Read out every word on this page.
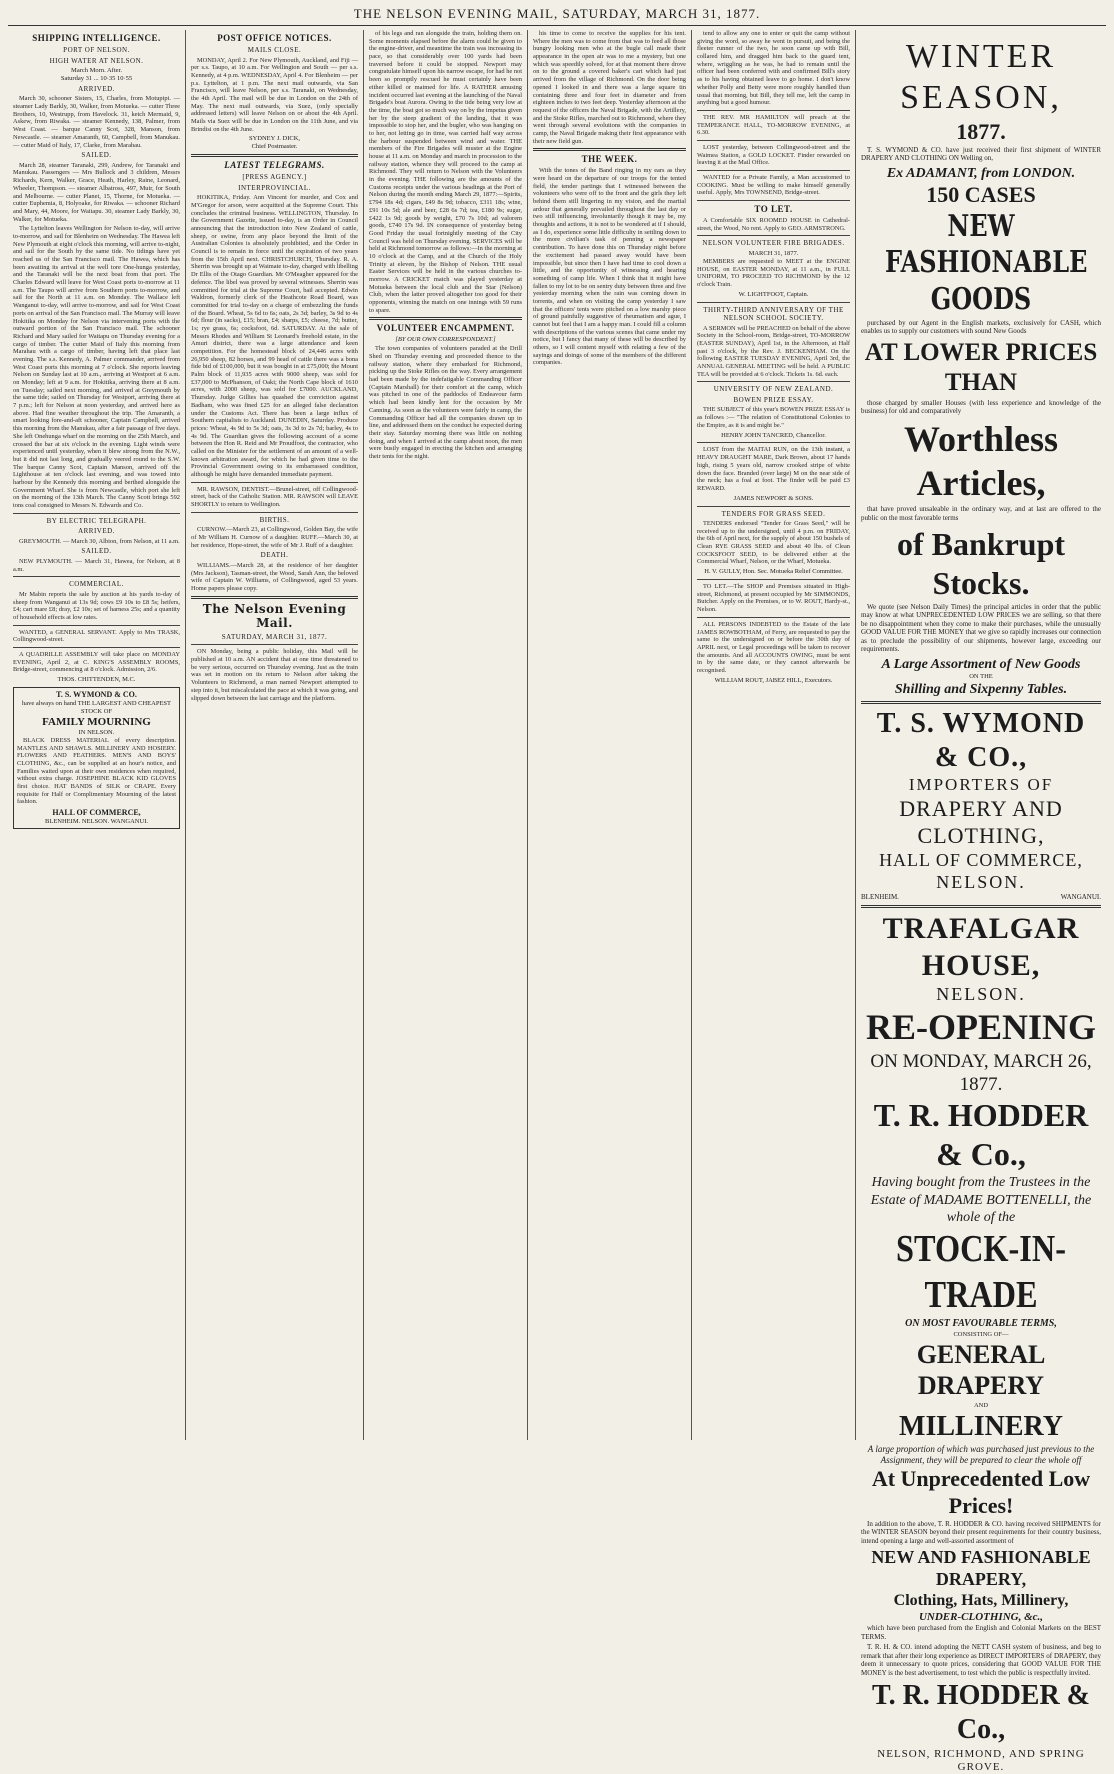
THE NELSON EVENING MAIL, SATURDAY, MARCH 31, 1877.
SHIPPING INTELLIGENCE.
PORT OF NELSON.
HIGH WATER AT NELSON.
March Morn. After.
Saturday 31 ... 10·35 10·55
ARRIVED.

March 30, schooner Sisters, 15, Charles, from Motupipi. — steamer Lady Barkly, 30, Walker, from Motueka. — cutter Three Brothers, 10, Westrupp, from Havelock. 31, ketch Mermaid, 9, Askew, from Riwaka. — steamer Kennedy, 138, Palmer, from West Coast. — barque Canny Scot, 328, Manson, from Newcastle. — steamer Amaranth, 60, Campbell, from Manukau. — cutter Maid of Italy, 17, Clarke, from Marahau.

SAILED.

March 28, steamer Taranaki, 299, Andrew, for Taranaki and Manukau. Passengers — Mrs Bullock and 3 children, Messrs Richards, Kern, Walker, Grace, Heath, Harley, Raine, Leonard, Wheeler, Thompson. — steamer Albatross, 497, Muir, for South and Melbourne. — cutter Planet, 15, Thorne, for Motueka. — cutter Euphemia, 8, Holyoake, for Riwaka. — schooner Richard and Mary, 44, Moore, for Waitapu. 30, steamer Lady Barkly, 30, Walker, for Motueka.

The Lyttelton leaves Wellington for Nelson to-day, will arrive to-morrow, and sail for Blenheim on Wednesday. The Hawea left New Plymouth at eight o'clock this morning, will arrive to-night, and sail for the South by the same tide. No tidings have yet reached us of the San Francisco mail. The Hawea, which has been awaiting its arrival at the well tore One-hunga yesterday, and the Taranaki will be the next boat from that port. The Charles Edward will leave for West Coast ports to-morrow at 11 a.m. The Taupo will arrive from Southern ports to-morrow, and sail for the North at 11 a.m. on Monday. The Wallace left Wanganui to-day, will arrive to-morrow, and sail for West Coast ports on arrival of the San Francisco mail. The Murray will leave Hokitika on Monday for Nelson via intervening ports with the outward portion of the San Francisco mail. The schooner Richard and Mary sailed for Waitapu on Thursday evening for a cargo of timber. The cutter Maid of Italy this morning from Marahau with a cargo of timber, having left that place last evening. The s.s. Kennedy, A. Palmer commander, arrived from West Coast ports this morning at 7 o'clock. She reports leaving Nelson on Sunday last at 10 a.m., arriving at Westport at 6 a.m. on Monday; left at 9 a.m. for Hokitika, arriving there at 8 a.m. on Tuesday; sailed next morning, and arrived at Greymouth by the same tide; sailed on Thursday for Westport, arriving there at 7 p.m.; left for Nelson at noon yesterday, and arrived here as above. Had fine weather throughout the trip. The Amaranth, a smart looking fore-and-aft schooner, Captain Campbell, arrived this morning from the Manukau, after a fair passage of five days. She left Onehunga wharf on the morning on the 25th March, and crossed the bar at six o'clock in the evening. Light winds were experienced until yesterday, when it blew strong from the N.W., but it did not last long, and gradually veered round to the S.W. The barque Canny Scot, Captain Manson, arrived off the Lighthouse at ten o'clock last evening, and was towed into harbour by the Kennedy this morning and berthed alongside the Government Wharf. She is from Newcastle, which port she left on the morning of the 13th March. The Canny Scott brings 592 tons coal consigned to Messrs N. Edwards and Co.

BY ELECTRIC TELEGRAPH.
ARRIVED.

GREYMOUTH. — March 30, Albion, from Nelson, at 11 a.m.

SAILED.

NEW PLYMOUTH. — March 31, Hawea, for Nelson, at 8 a.m.

COMMERCIAL.

Mr Mabin reports the sale by auction at his yards to-day of sheep from Wanganui at 13s 9d; cows £9 10s to £8 5s; heifers, £4; cart mare £8; dray, £2 10s; set of harness 25s; and a quantity of household effects at low rates.

WANTED, a GENERAL SERVANT. Apply to Mrs TRASK, Collingwood-street.

A QUADRILLE ASSEMBLY will take place on MONDAY EVENING, April 2, at C. KING'S ASSEMBLY ROOMS, Bridge-street, commencing at 8 o'clock. Admission, 2/6.

THOS. CHITTENDEN, M.C.
T. S. WYMOND & CO.
have always on hand THE LARGEST AND CHEAPEST STOCK OF
FAMILY MOURNING
IN NELSON.

BLACK DRESS MATERIAL of every description. MANTLES AND SHAWLS. MILLINERY AND HOSIERY. FLOWERS AND FEATHERS. MEN'S AND BOYS' CLOTHING, &c., can be supplied at an hour's notice, and Families waited upon at their own residences when required, without extra charge. JOSEPHINE BLACK KID GLOVES first choice. HAT BANDS of SILK or CRAPE. Every requisite for Half or Complimentary Mourning of the latest fashion.

HALL OF COMMERCE,
BLENHEIM. NELSON. WANGANUI.
POST OFFICE NOTICES.
MAILS CLOSE.

MONDAY, April 2. For New Plymouth, Auckland, and Fiji — per s.s. Taupo, at 10 a.m. For Wellington and South — per s.s. Kennedy, at 4 p.m. WEDNESDAY, April 4. For Blenheim — per p.s. Lyttelton, at 1 p.m. The next mail outwards, via San Francisco, will leave Nelson, per s.s. Taranaki, on Wednesday, the 4th April. The mail will be due in London on the 24th of May. The next mail outwards, via Suez, (only specially addressed letters) will leave Nelson on or about the 4th April. Mails via Suez will be due in London on the 11th June, and via Brindisi on the 4th June.

SYDNEY J. DICK,
Chief Postmaster.
LATEST TELEGRAMS.
[PRESS AGENCY.]
INTERPROVINCIAL.

HOKITIKA, Friday. Ann Vincent for murder, and Cox and M'Gregor for arson, were acquitted at the Supreme Court. This concludes the criminal business. WELLINGTON, Thursday. In the Government Gazette, issued to-day, is an Order in Council announcing that the introduction into New Zealand of cattle, sheep, or swine, from any place beyond the limit of the Australian Colonies is absolutely prohibited, and the Order in Council is to remain in force until the expiration of two years from the 15th April next. CHRISTCHURCH, Thursday. R. A. Sherrin was brought up at Waimate to-day, charged with libelling Dr Ellis of the Otago Guardian. Mr O'Meagher appeared for the defence. The libel was proved by several witnesses. Sherrin was committed for trial at the Supreme Court, bail accepted. Edwin Waldron, formerly clerk of the Heathcote Road Board, was committed for trial to-day on a charge of embezzling the funds of the Board. Wheat, 5s 6d to 6s; oats, 2s 3d; barley, 3s 9d to 4s 6d; flour (in sacks), £15; bran, £4; sharps, £5; cheese, 7d; butter, 1s; rye grass, 6s; cocksfoot, 6d. SATURDAY. At the sale of Messrs Rhodes and William St Leonard's freehold estate, in the Amuri district, there was a large attendance and keen competition. For the homestead block of 24,446 acres with 26,950 sheep, 82 horses, and 99 head of cattle there was a bona fide bid of £100,000, but it was bought in at £75,000; the Mount Palm block of 11,935 acres with 9000 sheep, was sold for £37,000 to McPhanson, of Oaki; the North Cape block of 1610 acres, with 2000 sheep, was sold for £7000. AUCKLAND, Thursday. Judge Gillies has quashed the conviction against Badham, who was fined £25 for an alleged false declaration under the Customs Act. There has been a large influx of Southern capitalists to Auckland. DUNEDIN, Saturday. Produce prices: Wheat, 4s 9d to 5s 3d; oats, 3s 3d to 2s 7d; barley, 4s to 4s 9d. The Guardian gives the following account of a scene between the Hon R. Reid and Mr Proudfoot, the contractor, who called on the Minister for the settlement of an amount of a well-known arbitration award, for which he had given time to the Provincial Government owing to its embarrassed condition, although he might have demanded immediate payment.

MR. RAWSON, DENTIST.—Brunel-street, off Collingwood-street, back of the Catholic Station. MR. RAWSON will LEAVE SHORTLY to return to Wellington.

BIRTHS.

CURNOW.—March 23, at Collingwood, Golden Bay, the wife of Mr William H. Curnow of a daughter. RUFF.—March 30, at her residence, Hope-street, the wife of Mr J. Ruff of a daughter.

DEATH.

WILLIAMS.—March 28, at the residence of her daughter (Mrs Jackson), Tasman-street, the Wood, Sarah Ann, the beloved wife of Captain W. Williams, of Collingwood, aged 53 years. Home papers please copy.

The Nelson Evening Mail.
SATURDAY, MARCH 31, 1877.

ON Monday, being a public holiday, this Mail will be published at 10 a.m. AN accident that at one time threatened to be very serious, occurred on Thursday evening. Just as the train was set in motion on its return to Nelson after taking the Volunteers to Richmond, a man named Newport attempted to step into it, but miscalculated the pace at which it was going, and slipped down between the last carriage and the platform.

of his legs and ran alongside the train, holding them on. Some moments elapsed before the alarm could be given to the engine-driver, and meantime the train was increasing its pace, so that considerably over 100 yards had been traversed before it could be stopped. Newport may congratulate himself upon his narrow escape, for had he not been so promptly rescued he must certainly have been either killed or maimed for life. A RATHER amusing incident occurred last evening at the launching of the Naval Brigade's boat Aurora. Owing to the tide being very low at the time, the boat got so much way on by the impetus given her by the steep gradient of the landing, that it was impossible to stop her, and the bugler, who was hanging on to her, not letting go in time, was carried half way across the harbour suspended between wind and water. THE members of the Fire Brigades will muster at the Engine house at 11 a.m. on Monday and march in procession to the railway station, whence they will proceed to the camp at Richmond. They will return to Nelson with the Volunteers in the evening. THE following are the amounts of the Customs receipts under the various headings at the Port of Nelson during the month ending March 29, 1877:—Spirits, £794 18s 4d; cigars, £49 8s 9d; tobacco, £311 18s; wine, £91 10s 5d; ale and beer, £28 6s 7d; tea, £180 9s; sugar, £422 1s 9d; goods by weight, £70 7s 10d; ad valorem goods, £740 17s 9d. IN consequence of yesterday being Good Friday the usual fortnightly meeting of the City Council was held on Thursday evening. SERVICES will be held at Richmond tomorrow as follows:—In the morning at 10 o'clock at the Camp, and at the Church of the Holy Trinity at eleven, by the Bishop of Nelson. THE usual Easter Services will be held in the various churches to-morrow. A CRICKET match was played yesterday at Motueka between the local club and the Star (Nelson) Club, when the latter proved altogether too good for their opponents, winning the match on one innings with 59 runs to spare.

VOLUNTEER ENCAMPMENT.
[BY OUR OWN CORRESPONDENT.]

The town companies of volunteers paraded at the Drill Shed on Thursday evening and proceeded thence to the railway station, where they embarked for Richmond, picking up the Stoke Rifles on the way. Every arrangement had been made by the indefatigable Commanding Officer (Captain Marshall) for their comfort at the camp, which was pitched in one of the paddocks of Endeavour farm which had been kindly lent for the occasion by Mr Canning. As soon as the volunteers were fairly in camp, the Commanding Officer had all the companies drawn up in line, and addressed them on the conduct he expected during their stay. Saturday morning there was little on nothing doing, and when I arrived at the camp about noon, the men were busily engaged in erecting the kitchen and arranging their tents for the night.

his time to come to receive the supplies for his tent. Where the men was to come from that was to feed all those hungry looking men who at the bugle call made their appearance in the open air was to me a mystery, but one which was speedily solved, for at that moment there drove on to the ground a covered baker's cart which had just arrived from the village of Richmond. On the door being opened I looked in and there was a large square tin containing three and four feet in diameter and from eighteen inches to two feet deep. Yesterday afternoon at the request of the officers the Naval Brigade, with the Artillery, and the Stoke Rifles, marched out to Richmond, where they went through several evolutions with the companies in camp, the Naval Brigade making their first appearance with their new field gun.

THE WEEK.

With the tones of the Band ringing in my ears as they were heard on the departure of our troops for the tented field, the tender partings that I witnessed between the volunteers who were off to the front and the girls they left behind them still lingering in my vision, and the martial ardour that generally prevailed throughout the last day or two still influencing, involuntarily though it may be, my thoughts and actions, it is not to be wondered at if I should, as I do, experience some little difficulty in settling down to the more civilian's task of penning a newspaper contribution. To have done this on Thursday night before the excitement had passed away would have been impossible, but since then I have had time to cool down a little, and the opportunity of witnessing and hearing something of camp life. When I think that it might have fallen to my lot to be on sentry duty between three and five yesterday morning when the rain was coming down in torrents, and when on visiting the camp yesterday I saw that the officers' tents were pitched on a low marshy piece of ground painfully suggestive of rheumatism and ague, I cannot but feel that I am a happy man. I could fill a column with descriptions of the various scenes that came under my notice, but I fancy that many of these will be described by others, so I will content myself with relating a few of the sayings and doings of some of the members of the different companies.

tend to allow any one to enter or quit the camp without giving the word, so away he went in pursuit, and being the fleeter runner of the two, he soon came up with Bill, collared him, and dragged him back to the guard tent, where, wriggling as he was, he had to remain until the officer had been conferred with and confirmed Bill's story as to his having obtained leave to go home. I don't know whether Polly and Betty were more roughly handled than usual that morning, but Bill, they tell me, left the camp in anything but a good humour.

THE REV. MR HAMILTON will preach at the TEMPERANCE HALL, TO-MORROW EVENING, at 6.30.

LOST yesterday, between Collingwood-street and the Waimea Station, a GOLD LOCKET. Finder rewarded on leaving it at the Mail Office.

WANTED for a Private Family, a Man accustomed to COOKING. Must be willing to make himself generally useful. Apply, Mrs TOWNSEND, Bridge-street.

TO LET.

A Comfortable SIX ROOMED HOUSE in Cathedral-street, the Wood, No rent. Apply to GEO. ARMSTRONG.

NELSON VOLUNTEER FIRE BRIGADES.
MARCH 31, 1877.

MEMBERS are requested to MEET at the ENGINE HOUSE, on EASTER MONDAY, at 11 a.m., in FULL UNIFORM, TO PROCEED TO RICHMOND by the 12 o'clock Train.

W. LIGHTFOOT, Captain.
THIRTY-THIRD ANNIVERSARY OF THE NELSON SCHOOL SOCIETY.

A SERMON will be PREACHED on behalf of the above Society in the School-room, Bridge-street, TO-MORROW (EASTER SUNDAY), April 1st, in the Afternoon, at Half past 3 o'clock, by the Rev. J. BECKENHAM. On the following EASTER TUESDAY EVENING, April 3rd, the ANNUAL GENERAL MEETING will be held. A PUBLIC TEA will be provided at 6 o'clock. Tickets 1s. 6d. each.

UNIVERSITY OF NEW ZEALAND.
BOWEN PRIZE ESSAY.

THE SUBJECT of this year's BOWEN PRIZE ESSAY is as follows :— "The relation of Constitutional Colonies to the Empire, as it is and might be."

HENRY JOHN TANCRED, Chancellor.

LOST from the MAITAI RUN, on the 13th instant, a HEAVY DRAUGHT MARE, Dark Brown, about 17 hands high, rising 5 years old, narrow crooked stripe of white down the face. Branded (over large) M on the near side of the neck; has a foal at foot. The finder will be paid £3 REWARD.

JAMES NEWPORT & SONS.
TENDERS FOR GRASS SEED.

TENDERS endorsed "Tender for Grass Seed," will be received up to the undersigned, until 4 p.m. on FRIDAY, the 6th of April next, for the supply of about 150 bushels of Clean RYE GRASS SEED and about 40 lbs. of Clean COCKSFOOT SEED, to be delivered either at the Commercial Wharf, Nelson, or the Wharf, Motueka.

H. V. GULLY, Hon. Sec. Motueka Relief Committee.

TO LET.—The SHOP and Premises situated in High-street, Richmond, at present occupied by Mr SIMMONDS, Butcher. Apply on the Premises, or to W. ROUT, Hardy-st., Nelson.

ALL PERSONS INDEBTED to the Estate of the late JAMES ROWBOTHAM, of Ferry, are requested to pay the same to the undersigned on or before the 30th day of APRIL next, or Legal proceedings will be taken to recover the amounts. And all ACCOUNTS OWING, must be sent in by the same date, or they cannot afterwards be recognised.

WILLIAM ROUT, JABEZ HILL, Executors.
WINTER SEASON,
1877.

T. S. WYMOND & CO. have just received their first shipment of WINTER DRAPERY AND CLOTHING ON Welling on,

Ex ADAMANT, from LONDON.
150 CASES
NEW FASHIONABLE GOODS

purchased by our Agent in the English markets, exclusively for CASH, which enables us to supply our customers with sound New Goods

AT LOWER PRICES THAN

those charged by smaller Houses (with less experience and knowledge of the business) for old and comparatively

Worthless Articles,

that have proved unsaleable in the ordinary way, and at last are offered to the public on the most favorable terms

of Bankrupt Stocks.

We quote (see Nelson Daily Times) the principal articles in order that the public may know at what UNPRECEDENTED LOW PRICES we are selling, so that there be no disappointment when they come to make their purchases, while the unusually GOOD VALUE FOR THE MONEY that we give so rapidly increases our connection as to preclude the possibility of our shipments, however large, exceeding our requirements.

A Large Assortment of New Goods
ON THE
Shilling and Sixpenny Tables.
T. S. WYMOND & CO.,
IMPORTERS OF
DRAPERY AND CLOTHING,
HALL OF COMMERCE,
NELSON.
BLENHEIM.	WANGANUI.
TRAFALGAR HOUSE,
NELSON.
RE-OPENING
ON MONDAY, MARCH 26, 1877.
T. R. HODDER & Co.,
Having bought from the Trustees in the Estate of MADAME BOTTENELLI, the whole of the
STOCK-IN-TRADE
ON MOST FAVOURABLE TERMS,
CONSISTING OF—
GENERAL DRAPERY
AND
MILLINERY
A large proportion of which was purchased just previous to the Assignment, they will be prepared to clear the whole off
At Unprecedented Low Prices!

In addition to the above, T. R. HODDER & CO. having received SHIPMENTS for the WINTER SEASON beyond their present requirements for their country business, intend opening a large and well-assorted assortment of

NEW AND FASHIONABLE DRAPERY,
Clothing, Hats, Millinery,
UNDER-CLOTHING, &c.,

which have been purchased from the English and Colonial Markets on the BEST TERMS.

T. R. H. & CO. intend adopting the NETT CASH system of business, and beg to remark that after their long experience as DIRECT IMPORTERS of DRAPERY, they deem it unnecessary to quote prices, considering that GOOD VALUE FOR THE MONEY is the best advertisement, to test which the public is respectfully invited.

T. R. HODDER & Co.,
NELSON, RICHMOND, AND SPRING GROVE.
